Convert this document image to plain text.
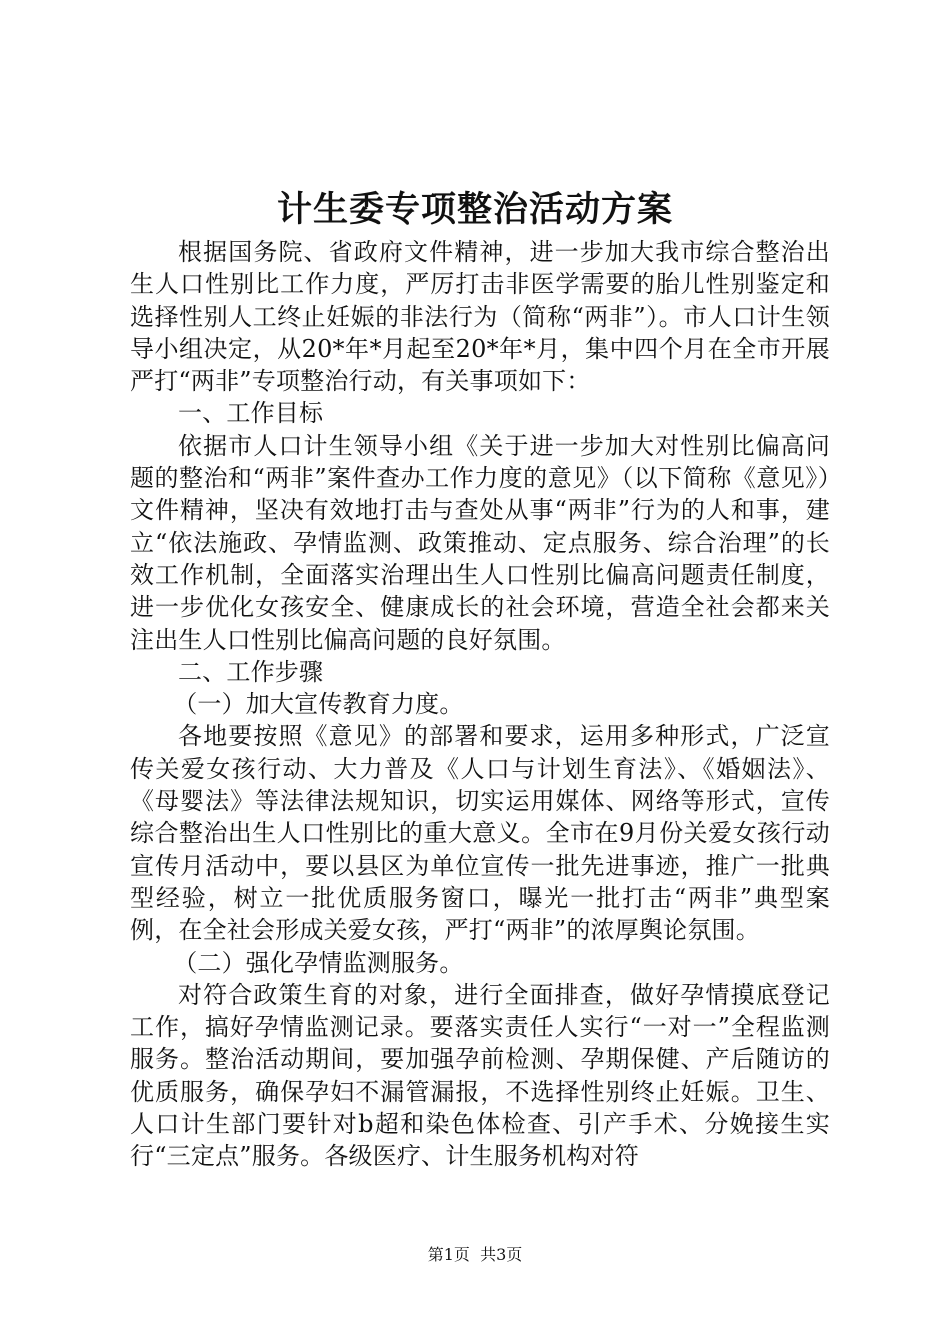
计生委专项整治活动方案

根据国务院、省政府文件精神，进一步加大我市综合整治出生人口性别比工作力度，严厉打击非医学需要的胎儿性别鉴定和选择性别人工终止妊娠的非法行为（简称“两非”）。市人口计生领导小组决定，从20*年*月起至20*年*月，集中四个月在全市开展严打“两非”专项整治行动，有关事项如下：

一、工作目标

依据市人口计生领导小组《关于进一步加大对性别比偏高问题的整治和“两非”案件查办工作力度的意见》（以下简称《意见》）文件精神，坚决有效地打击与查处从事“两非”行为的人和事，建立“依法施政、孕情监测、政策推动、定点服务、综合治理”的长效工作机制，全面落实治理出生人口性别比偏高问题责任制度，进一步优化女孩安全、健康成长的社会环境，营造全社会都来关注出生人口性别比偏高问题的良好氛围。

二、工作步骤

（一）加大宣传教育力度。

各地要按照《意见》的部署和要求，运用多种形式，广泛宣传关爱女孩行动、大力普及《人口与计划生育法》、《婚姻法》、《母婴法》等法律法规知识，切实运用媒体、网络等形式，宣传综合整治出生人口性别比的重大意义。全市在9月份关爱女孩行动宣传月活动中，要以县区为单位宣传一批先进事迹，推广一批典型经验，树立一批优质服务窗口，曝光一批打击“两非”典型案例，在全社会形成关爱女孩，严打“两非”的浓厚舆论氛围。

（二）强化孕情监测服务。

对符合政策生育的对象，进行全面排查，做好孕情摸底登记工作，搞好孕情监测记录。要落实责任人实行“一对一”全程监测服务。整治活动期间，要加强孕前检测、孕期保健、产后随访的优质服务，确保孕妇不漏管漏报，不选择性别终止妊娠。卫生、人口计生部门要针对b超和染色体检查、引产手术、分娩接生实行“三定点”服务。各级医疗、计生服务机构对符

第1页 共3页
